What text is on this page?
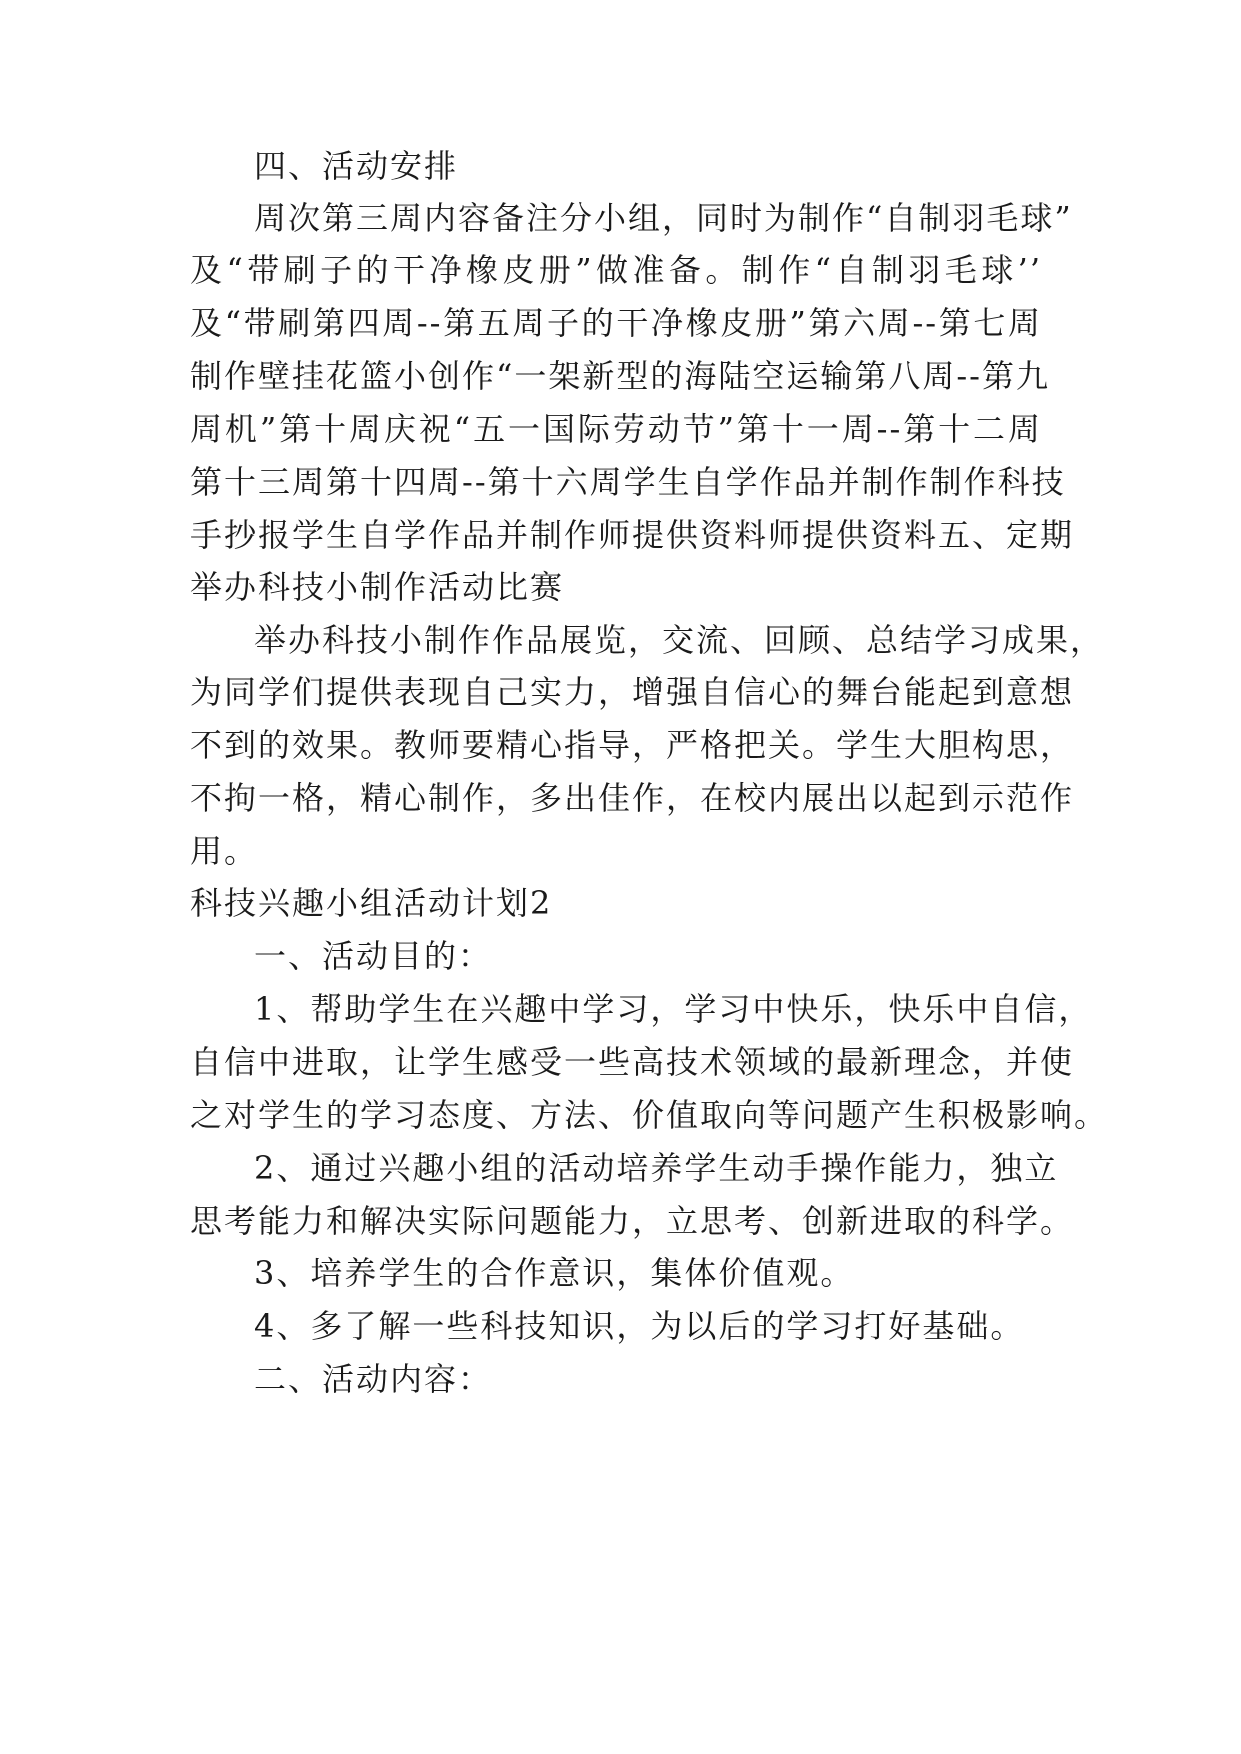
四、活动安排
周次第三周内容备注分小组，同时为制作“自制羽毛球”
及“带刷子的干净橡皮册”做准备。制作“自制羽毛球’’
及“带刷第四周--第五周子的干净橡皮册”第六周--第七周
制作壁挂花篮小创作“一架新型的海陆空运输第八周--第九
周机”第十周庆祝“五一国际劳动节”第十一周--第十二周
第十三周第十四周--第十六周学生自学作品并制作制作科技
手抄报学生自学作品并制作师提供资料师提供资料五、定期
举办科技小制作活动比赛
举办科技小制作作品展览，交流、回顾、总结学习成果，
为同学们提供表现自己实力，增强自信心的舞台能起到意想
不到的效果。教师要精心指导，严格把关。学生大胆构思，
不拘一格，精心制作，多出佳作，在校内展出以起到示范作
用。
科技兴趣小组活动计划2
一、活动目的：
1、帮助学生在兴趣中学习，学习中快乐，快乐中自信，
自信中进取，让学生感受一些高技术领域的最新理念，并使
之对学生的学习态度、方法、价值取向等问题产生积极影响。
2、通过兴趣小组的活动培养学生动手操作能力，独立
思考能力和解决实际问题能力，立思考、创新进取的科学。
3、培养学生的合作意识，集体价值观。
4、多了解一些科技知识，为以后的学习打好基础。
二、活动内容：
